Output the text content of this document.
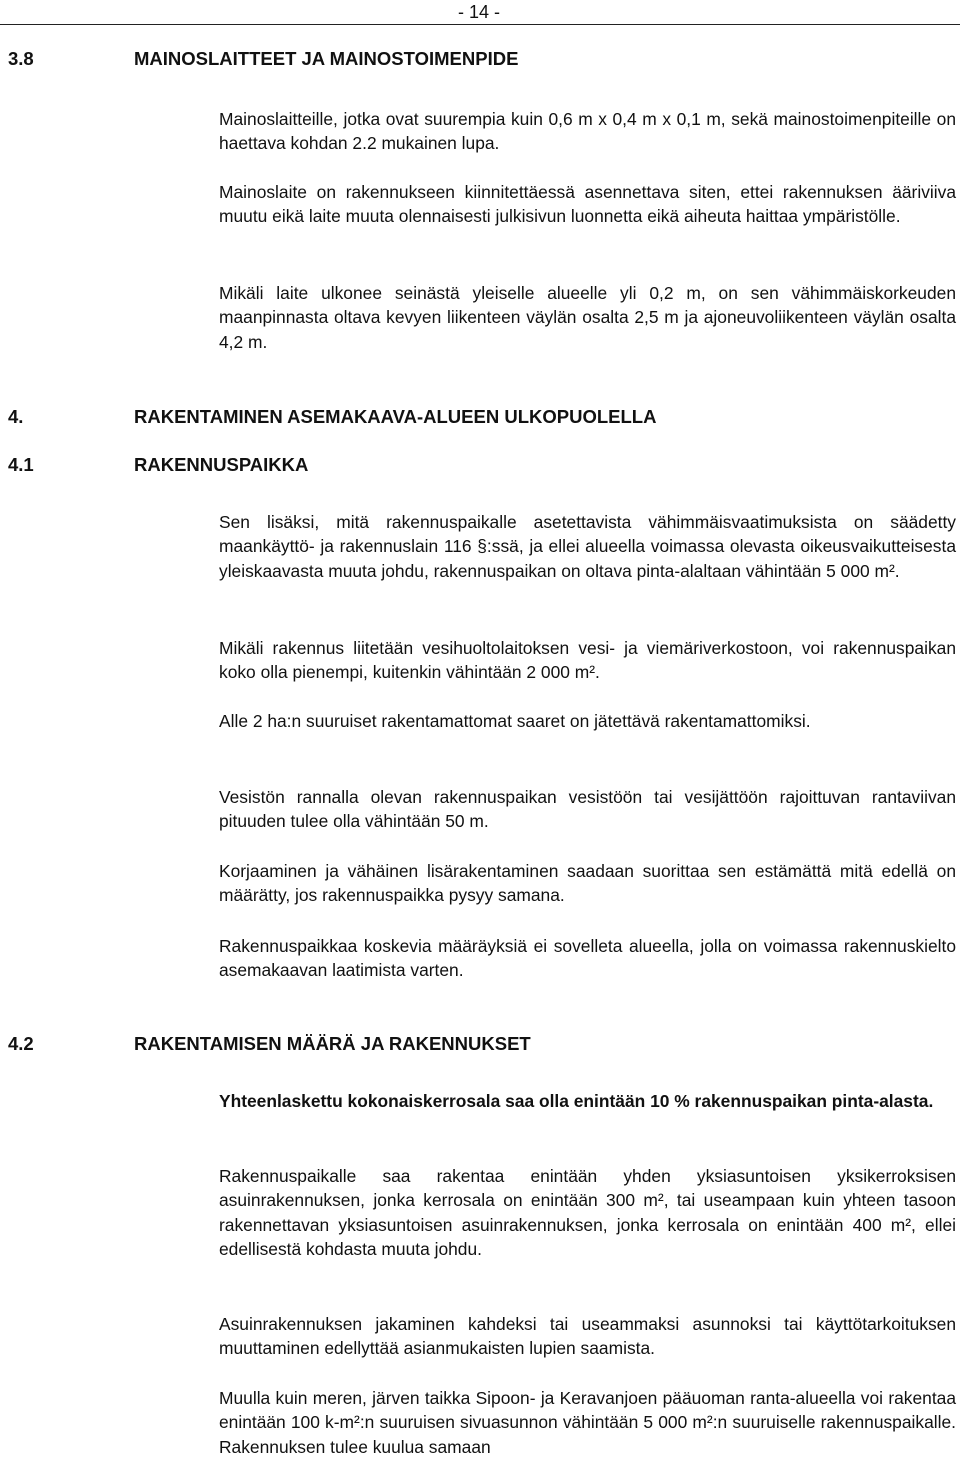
- 14 -
3.8	MAINOSLAITTEET JA MAINOSTOIMENPIDE
Mainoslaitteille, jotka ovat suurempia kuin 0,6 m x 0,4 m x 0,1 m, sekä mainostoimenpiteille on haettava kohdan 2.2 mukainen lupa.
Mainoslaite on rakennukseen kiinnitettäessä asennettava siten, ettei rakennuksen ääriviiva muutu eikä laite muuta olennaisesti julkisivun luonnetta eikä aiheuta haittaa ympäristölle.
Mikäli laite ulkonee seinästä yleiselle alueelle yli 0,2 m, on sen vähimmäiskorkeuden maanpinnasta oltava kevyen liikenteen väylän osalta 2,5 m ja ajoneuvoliikenteen väylän osalta 4,2 m.
4.	RAKENTAMINEN ASEMAKAAVA-ALUEEN ULKOPUOLELLA
4.1	RAKENNUSPAIKKA
Sen lisäksi, mitä rakennuspaikalle asetettavista vähimmäisvaatimuksista on säädetty maankäyttö- ja rakennuslain 116 §:ssä, ja ellei alueella voimassa olevasta oikeusvaikutteisesta yleiskaavasta muuta johdu, rakennuspaikan on oltava pinta-alaltaan vähintään 5 000 m².
Mikäli rakennus liitetään vesihuoltolaitoksen vesi- ja viemäriverkostoon, voi rakennuspaikan koko olla pienempi, kuitenkin vähintään 2 000 m².
Alle 2 ha:n suuruiset rakentamattomat saaret on jätettävä rakentamattomiksi.
Vesistön rannalla olevan rakennuspaikan vesistöön tai vesijättöön rajoittuvan rantaviivan pituuden tulee olla vähintään 50 m.
Korjaaminen ja vähäinen lisärakentaminen saadaan suorittaa sen estämättä mitä edellä on määrätty, jos rakennuspaikka pysyy samana.
Rakennuspaikkaa koskevia määräyksiä ei sovelleta alueella, jolla on voimassa rakennuskielto asemakaavan laatimista varten.
4.2	RAKENTAMISEN MÄÄRÄ JA RAKENNUKSET
Yhteenlaskettu kokonaiskerrosala saa olla enintään 10 % rakennuspaikan pinta-alasta.
Rakennuspaikalle saa rakentaa enintään yhden yksiasuntoisen yksikerroksisen asuinrakennuksen, jonka kerrosala on enintään 300 m², tai useampaan kuin yhteen tasoon rakennettavan yksiasuntoisen asuinrakennuksen, jonka kerrosala on enintään 400 m², ellei edellisestä kohdasta muuta johdu.
Asuinrakennuksen jakaminen kahdeksi tai useammaksi asunnoksi tai käyttötarkoituksen muuttaminen edellyttää asianmukaisten lupien saamista.
Muulla kuin meren, järven taikka Sipoon- ja Keravanjoen pääuoman ranta-alueella voi rakentaa enintään 100 k-m²:n suuruisen sivuasunnon vähintään 5 000 m²:n suuruiselle rakennuspaikalle. Rakennuksen tulee kuulua samaan
